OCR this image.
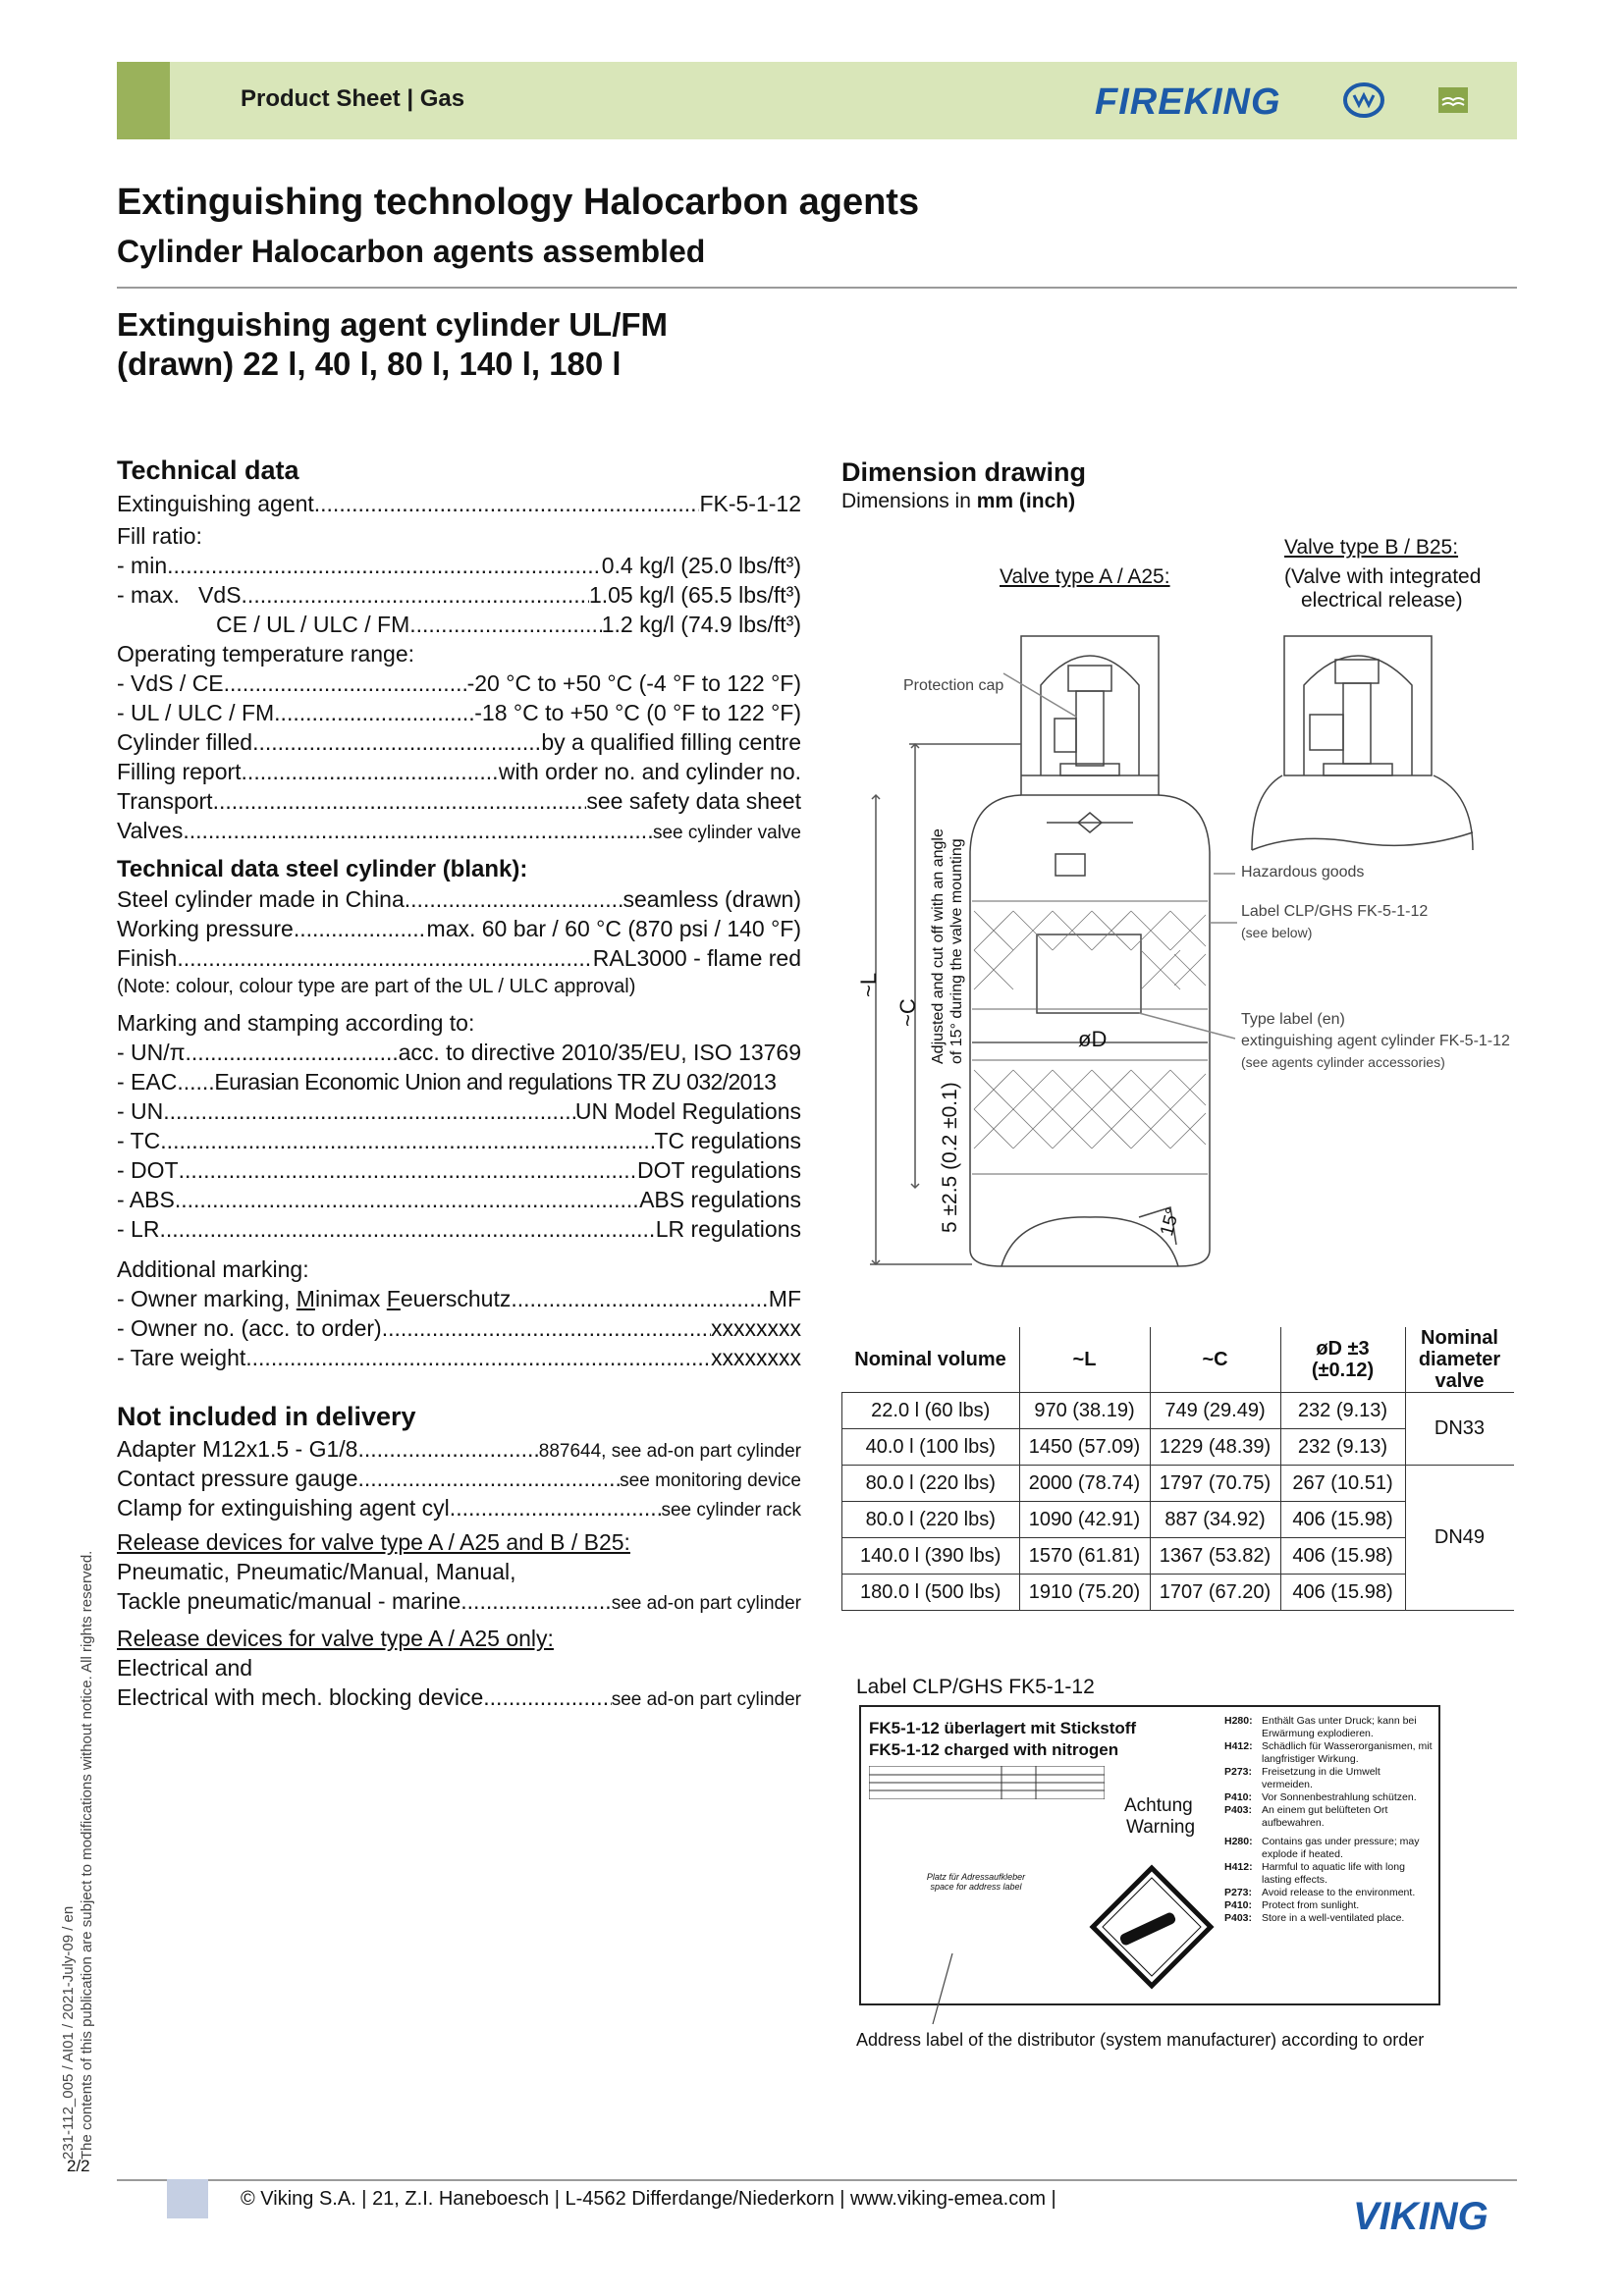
Product Sheet | Gas	FIREKING
Extinguishing technology Halocarbon agents
Cylinder Halocarbon agents assembled
Extinguishing agent cylinder UL/FM
(drawn) 22 l, 40 l, 80 l, 140 l, 180 l
Technical data
Extinguishing agent .....	FK-5-1-12
Fill ratio:
- min. .....	0.4 kg/l (25.0 lbs/ft³)
- max.   VdS .....	1.05 kg/l (65.5 lbs/ft³)
CE / UL / ULC / FM .....	1.2 kg/l (74.9 lbs/ft³)
Operating temperature range:
- VdS / CE .....	-20 °C to +50 °C (-4 °F to 122 °F)
- UL / ULC / FM .....	-18 °C to +50 °C (0 °F to 122 °F)
Cylinder filled .....	by a qualified filling centre
Filling report .....	with order no. and cylinder no.
Transport .....	see safety data sheet
Valves .....	see cylinder valve
Technical data steel cylinder (blank):
Steel cylinder made in China .....	seamless (drawn)
Working pressure .....	max. 60 bar / 60 °C (870 psi / 140 °F)
Finish .....	RAL3000 - flame red
(Note: colour, colour type are part of the UL / ULC approval)
Marking and stamping according to:
- UN/π .....	acc. to directive 2010/35/EU, ISO 13769
- EAC ..... Eurasian Economic Union and regulations TR ZU 032/2013
- UN .....	UN Model Regulations
- TC .....	TC regulations
- DOT .....	DOT regulations
- ABS .....	ABS regulations
- LR .....	LR regulations
Additional marking:
- Owner marking, Minimax Feuerschutz .....	MF
- Owner no. (acc. to order) .....	xxxxxxxx
- Tare weight .....	xxxxxxxx
Not included in delivery
Adapter M12x1.5 - G1/8 .....	887644, see ad-on part cylinder
Contact pressure gauge .....	see monitoring device
Clamp for extinguishing agent cyl. .....	see cylinder rack
Release devices for valve type A / A25 and B / B25:
Pneumatic, Pneumatic/Manual, Manual,
Tackle pneumatic/manual - marine .....	see ad-on part cylinder
Release devices for valve type A / A25 only:
Electrical and
Electrical with mech. blocking device .....	see ad-on part cylinder
Dimension drawing
Dimensions in mm (inch)
Valve type A / A25:
Valve type B / B25:
(Valve with integrated
electrical release)
Protection cap
Hazardous goods
Label CLP/GHS FK-5-1-12
(see below)
Type label (en)
extinguishing agent cylinder FK-5-1-12
(see agents cylinder accessories)
øD
~L
~C Adjusted and cut off with an angle of 15° during the valve mounting
5 ±2.5 (0.2 ±0.1)	15°
Nominal volume	~L	~C	øD ±3 (±0.12)	Nominal diameter valve
22.0 l (60 lbs)	970 (38.19)	749 (29.49)	232 (9.13)	DN33
40.0 l (100 lbs)	1450 (57.09)	1229 (48.39)	232 (9.13)	
80.0 l (220 lbs)	2000 (78.74)	1797 (70.75)	267 (10.51)	DN49
80.0 l (220 lbs)	1090 (42.91)	887 (34.92)	406 (15.98)	
140.0 l (390 lbs)	1570 (61.81)	1367 (53.82)	406 (15.98)	
180.0 l (500 lbs)	1910 (75.20)	1707 (67.20)	406 (15.98)	
Label CLP/GHS FK5-1-12
FK5-1-12 überlagert mit Stickstoff
FK5-1-12 charged with nitrogen
Platz für Adressaufkleber space for address label
Achtung
Warning
H280: Enthält Gas unter Druck; kann bei Erwärmung explodieren.
H412: Schädlich für Wasserorganismen, mit langfristiger Wirkung.
P273: Freisetzung in die Umwelt vermeiden.
P410: Vor Sonnenbestrahlung schützen.
P403: An einem gut belüfteten Ort aufbewahren.
H280: Contains gas under pressure; may explode if heated.
H412: Harmful to aquatic life with long lasting effects.
P273: Avoid release to the environment.
P410: Protect from sunlight.
P403: Store in a well-ventilated place.
Address label of the distributor (system manufacturer) according to order
231-112_005 / AI01 / 2021-July-09 / en The contents of this publication are subject to modifications without notice. All rights reserved.
2/2
© Viking S.A. | 21, Z.I. Haneboesch | L-4562 Differdange/Niederkorn | www.viking-emea.com |	VIKING
